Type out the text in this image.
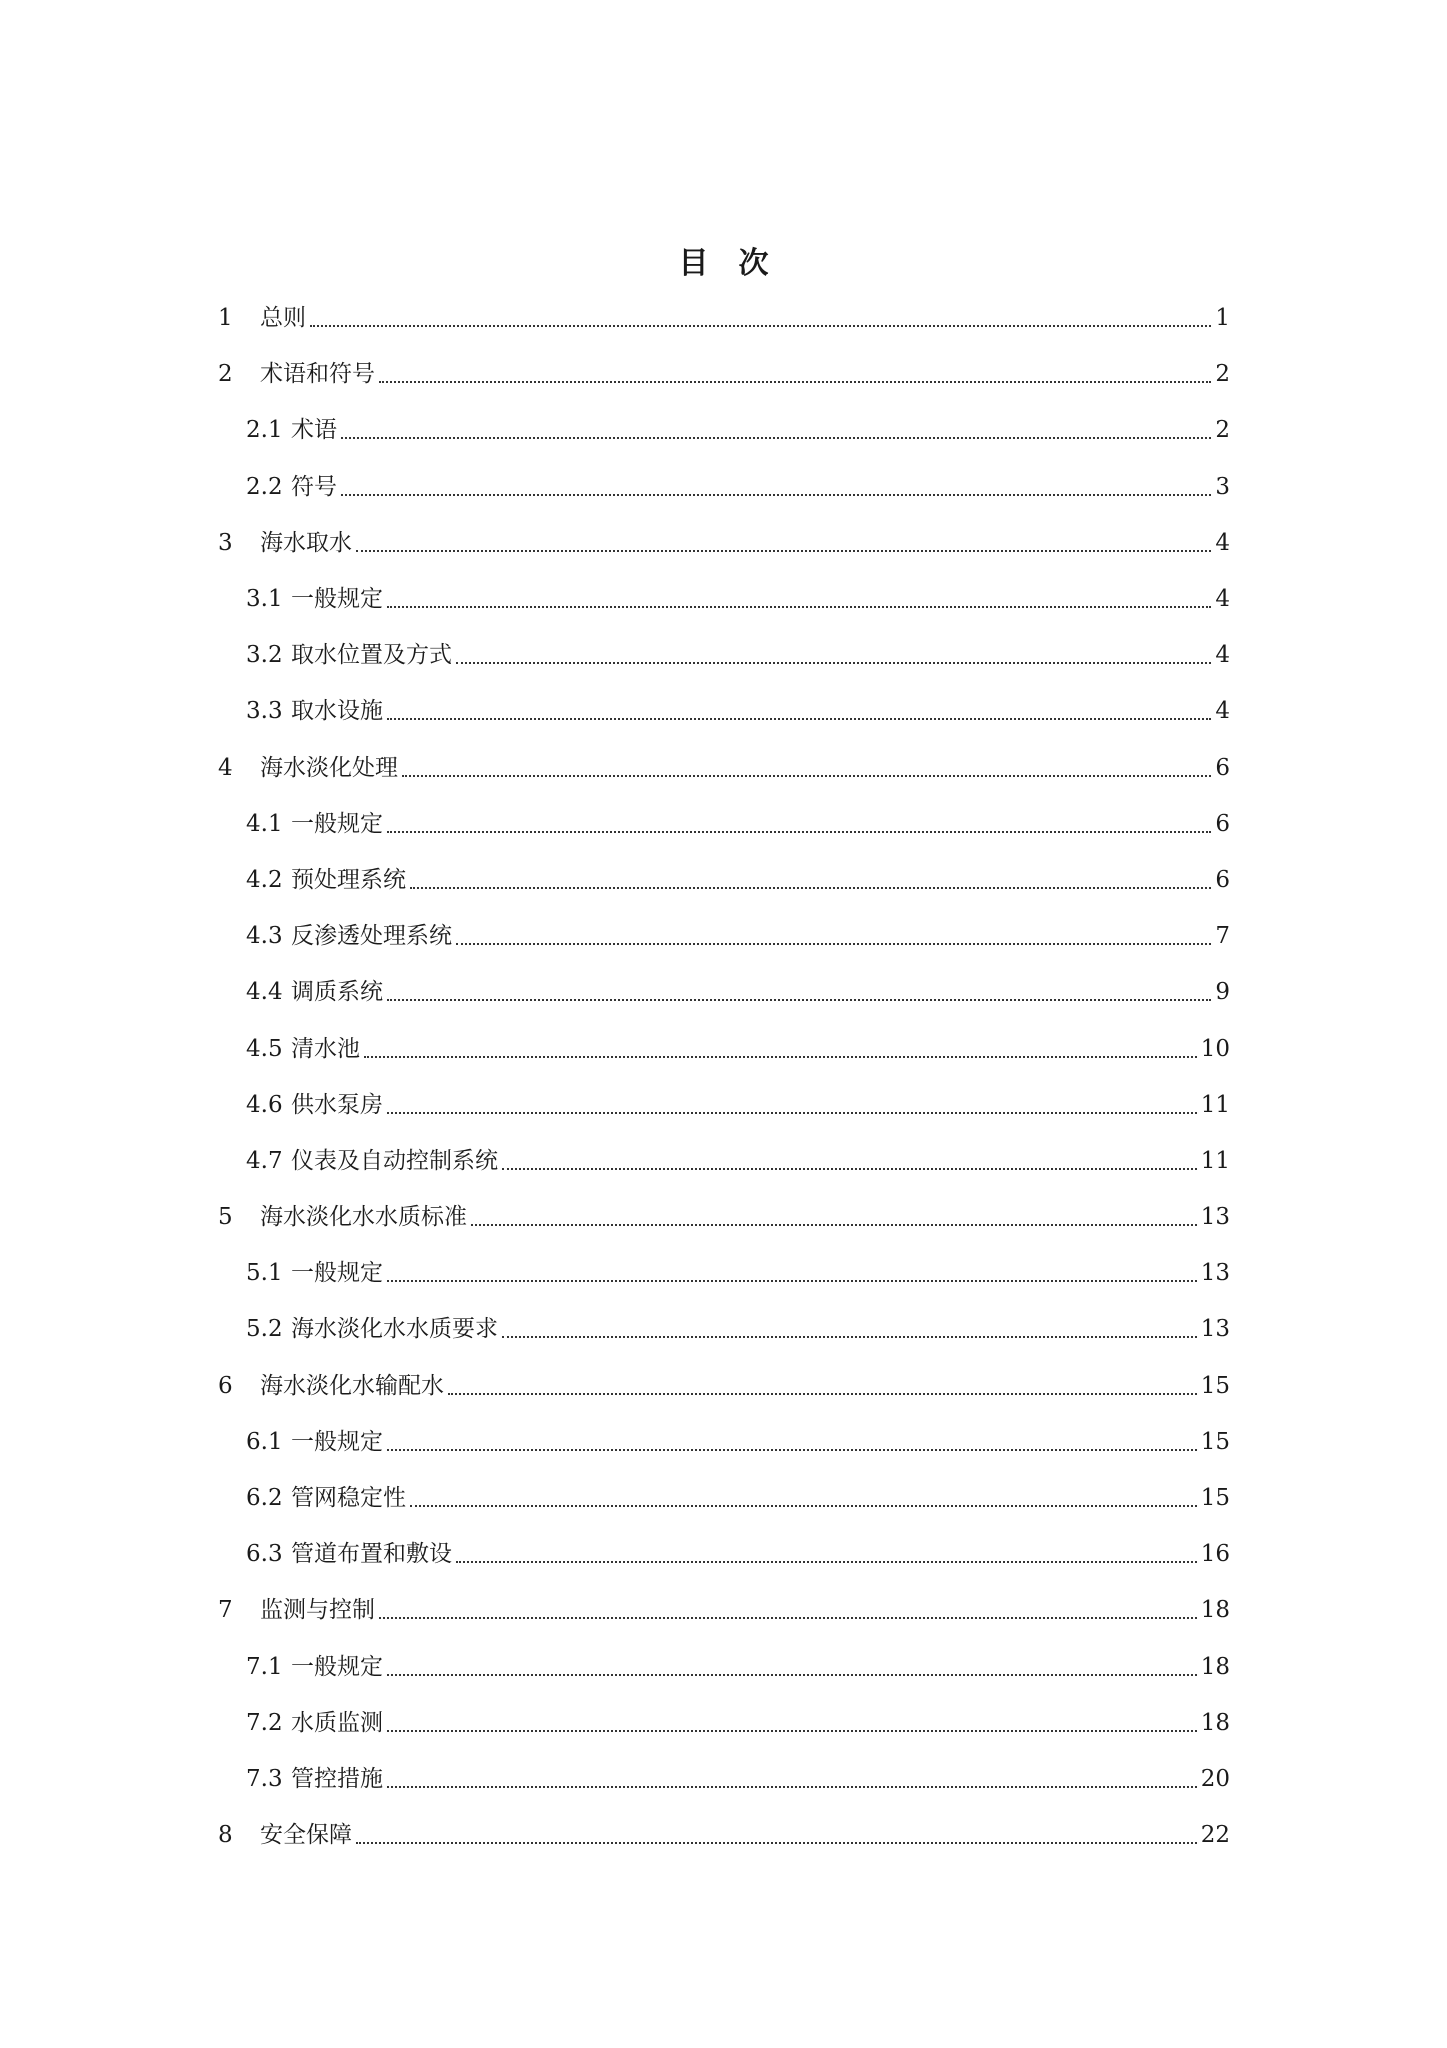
目 次
1	总则	1
2	术语和符号	2
2.1 术语	2
2.2 符号	3
3	海水取水	4
3.1 一般规定	4
3.2 取水位置及方式	4
3.3 取水设施	4
4	海水淡化处理	6
4.1 一般规定	6
4.2 预处理系统	6
4.3 反渗透处理系统	7
4.4 调质系统	9
4.5 清水池	10
4.6 供水泵房	11
4.7 仪表及自动控制系统	11
5	海水淡化水水质标准	13
5.1 一般规定	13
5.2 海水淡化水水质要求	13
6	海水淡化水输配水	15
6.1 一般规定	15
6.2 管网稳定性	15
6.3 管道布置和敷设	16
7	监测与控制	18
7.1 一般规定	18
7.2 水质监测	18
7.3 管控措施	20
8	安全保障	22
